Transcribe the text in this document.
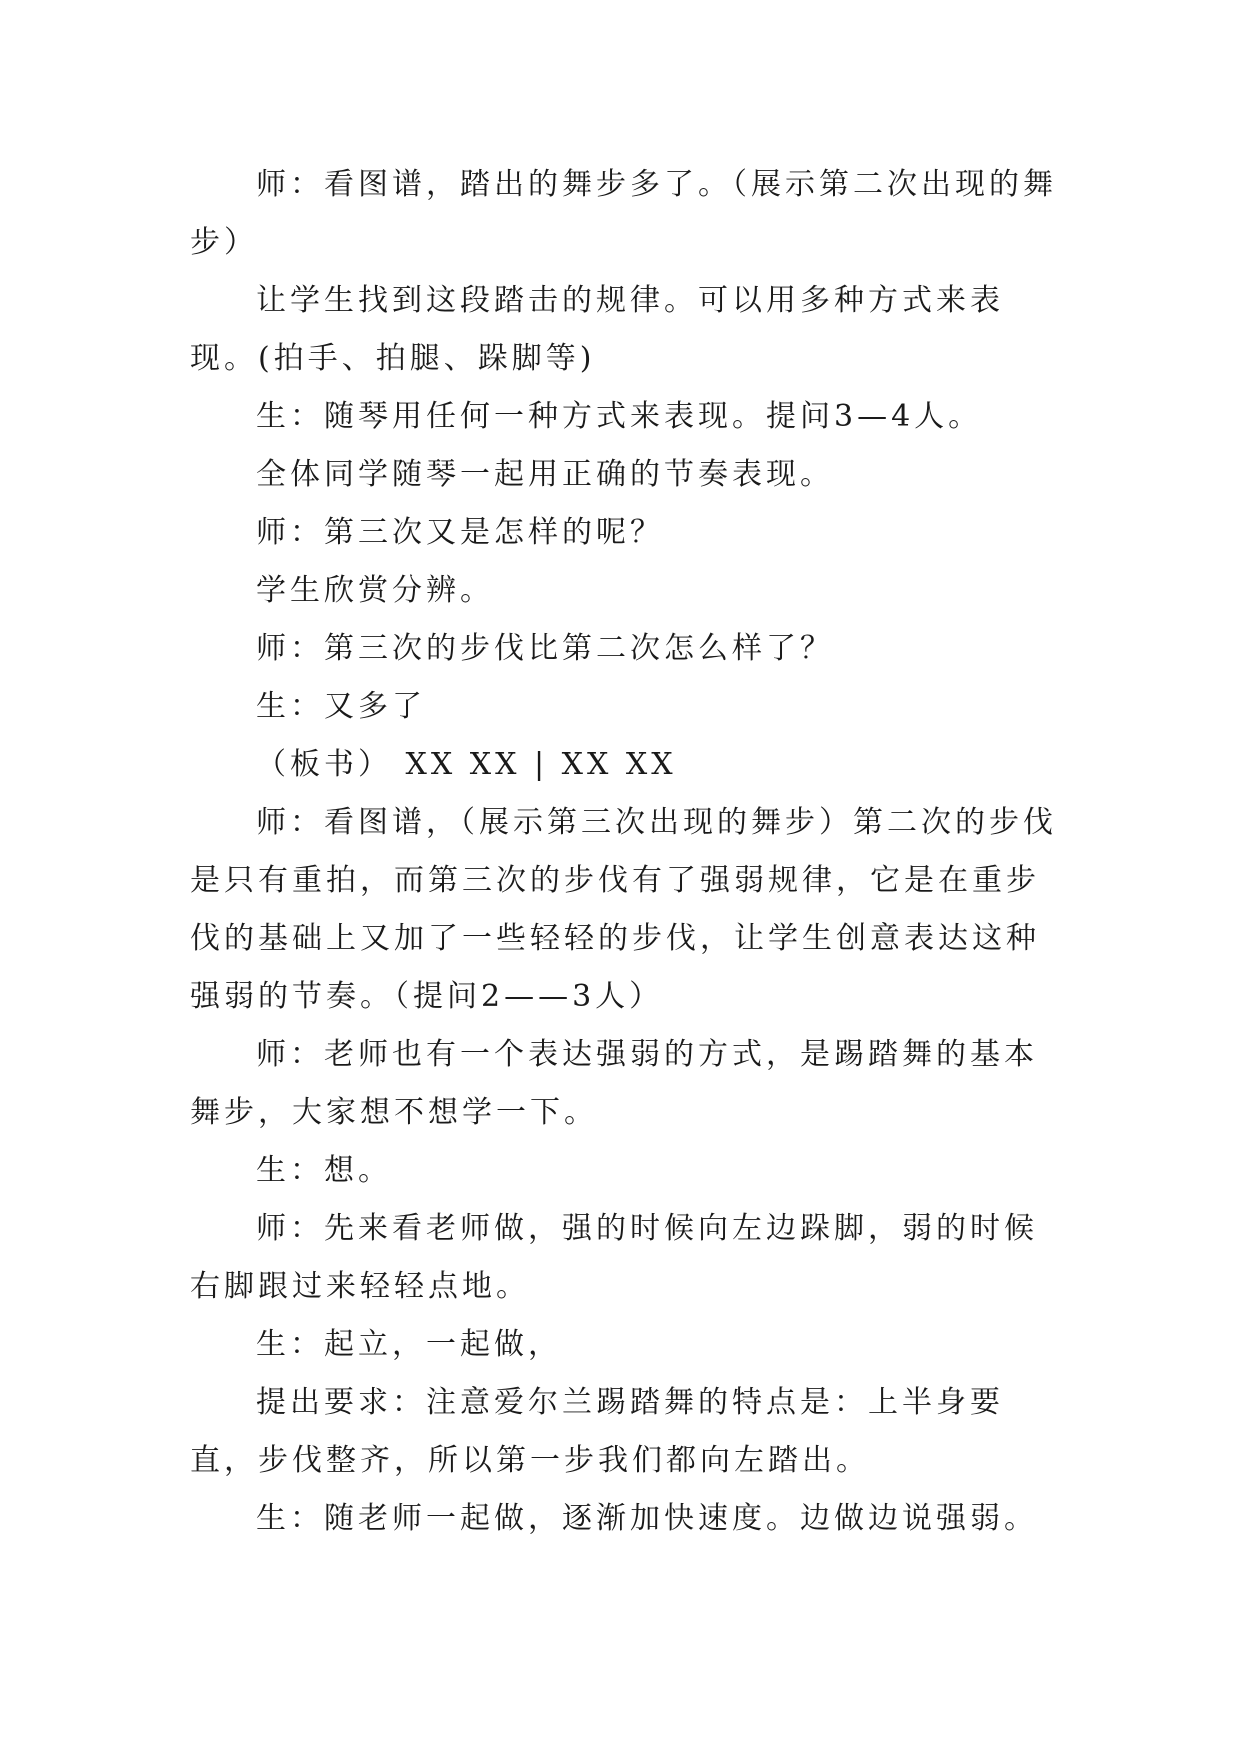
师：看图谱，踏出的舞步多了。（展示第二次出现的舞步）

让学生找到这段踏击的规律。可以用多种方式来表现。(拍手、拍腿、跺脚等)

生：随琴用任何一种方式来表现。提问3—4人。

全体同学随琴一起用正确的节奏表现。

师：第三次又是怎样的呢？

学生欣赏分辨。

师：第三次的步伐比第二次怎么样了？

生：又多了

（板书） XX XX | XX XX

师：看图谱，（展示第三次出现的舞步）第二次的步伐是只有重拍，而第三次的步伐有了强弱规律，它是在重步伐的基础上又加了一些轻轻的步伐，让学生创意表达这种强弱的节奏。（提问2——3人）

师：老师也有一个表达强弱的方式，是踢踏舞的基本舞步，大家想不想学一下。

生：想。

师：先来看老师做，强的时候向左边跺脚，弱的时候右脚跟过来轻轻点地。

生：起立，一起做，

提出要求：注意爱尔兰踢踏舞的特点是：上半身要直，步伐整齐，所以第一步我们都向左踏出。

生：随老师一起做，逐渐加快速度。边做边说强弱。
